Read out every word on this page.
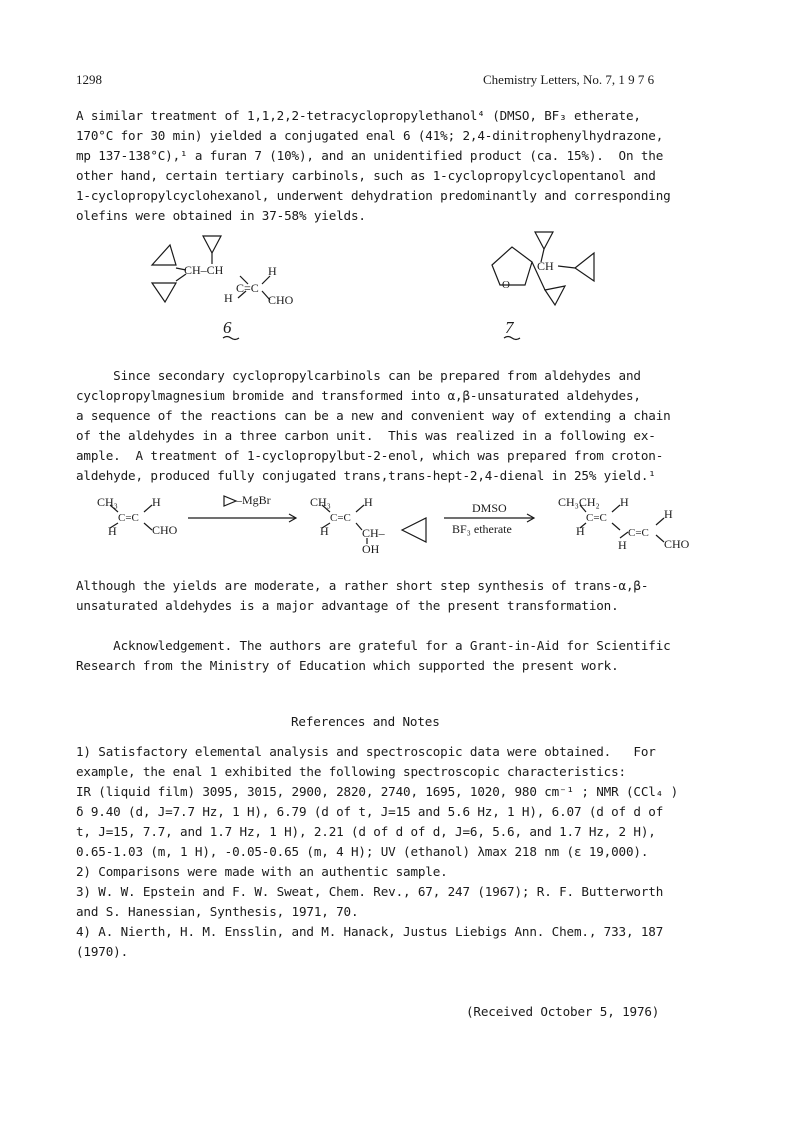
1298	Chemistry Letters, No. 7, 1 9 7 6
A similar treatment of 1,1,2,2-tetracyclopropylethanol⁴ (DMSO, BF₃ etherate,
170°C for 30 min) yielded a conjugated enal 6 (41%; 2,4-dinitrophenylhydrazone,
mp 137-138°C),¹ a furan 7 (10%), and an unidentified product (ca. 15%).  On the
other hand, certain tertiary carbinols, such as 1-cyclopropylcyclopentanol and
1-cyclopropylcyclohexanol, underwent dehydration predominantly and corresponding
olefins were obtained in 37-58% yields.
CH–CH
C=C
H
H	CHO
6
CH
O
7
CH₃
C=C
H
H
CHO
–MgBr	CH₃
C=C
H
H
CH–
OH
DMSO
BF₃ etherate
CH₃CH₂
C=C
C=C
H
H
H
H
CHO
Since secondary cyclopropylcarbinols can be prepared from aldehydes and
cyclopropylmagnesium bromide and transformed into α,β-unsaturated aldehydes,
a sequence of the reactions can be a new and convenient way of extending a chain
of the aldehydes in a three carbon unit.  This was realized in a following ex-
ample.  A treatment of 1-cyclopropylbut-2-enol, which was prepared from croton-
aldehyde, produced fully conjugated trans,trans-hept-2,4-dienal in 25% yield.¹
Although the yields are moderate, a rather short step synthesis of trans-α,β-
unsaturated aldehydes is a major advantage of the present transformation.
Acknowledgement. The authors are grateful for a Grant-in-Aid for Scientific
Research from the Ministry of Education which supported the present work.
References and Notes
1) Satisfactory elemental analysis and spectroscopic data were obtained.   For
example, the enal 1 exhibited the following spectroscopic characteristics:
IR (liquid film) 3095, 3015, 2900, 2820, 2740, 1695, 1020, 980 cm⁻¹ ; NMR (CCl₄ )
δ 9.40 (d, J=7.7 Hz, 1 H), 6.79 (d of t, J=15 and 5.6 Hz, 1 H), 6.07 (d of d of
t, J=15, 7.7, and 1.7 Hz, 1 H), 2.21 (d of d of d, J=6, 5.6, and 1.7 Hz, 2 H),
0.65-1.03 (m, 1 H), -0.05-0.65 (m, 4 H); UV (ethanol) λmax 218 nm (ε 19,000).
2) Comparisons were made with an authentic sample.
3) W. W. Epstein and F. W. Sweat, Chem. Rev., 67, 247 (1967); R. F. Butterworth
and S. Hanessian, Synthesis, 1971, 70.
4) A. Nierth, H. M. Ensslin, and M. Hanack, Justus Liebigs Ann. Chem., 733, 187
(1970).
(Received October 5, 1976)
